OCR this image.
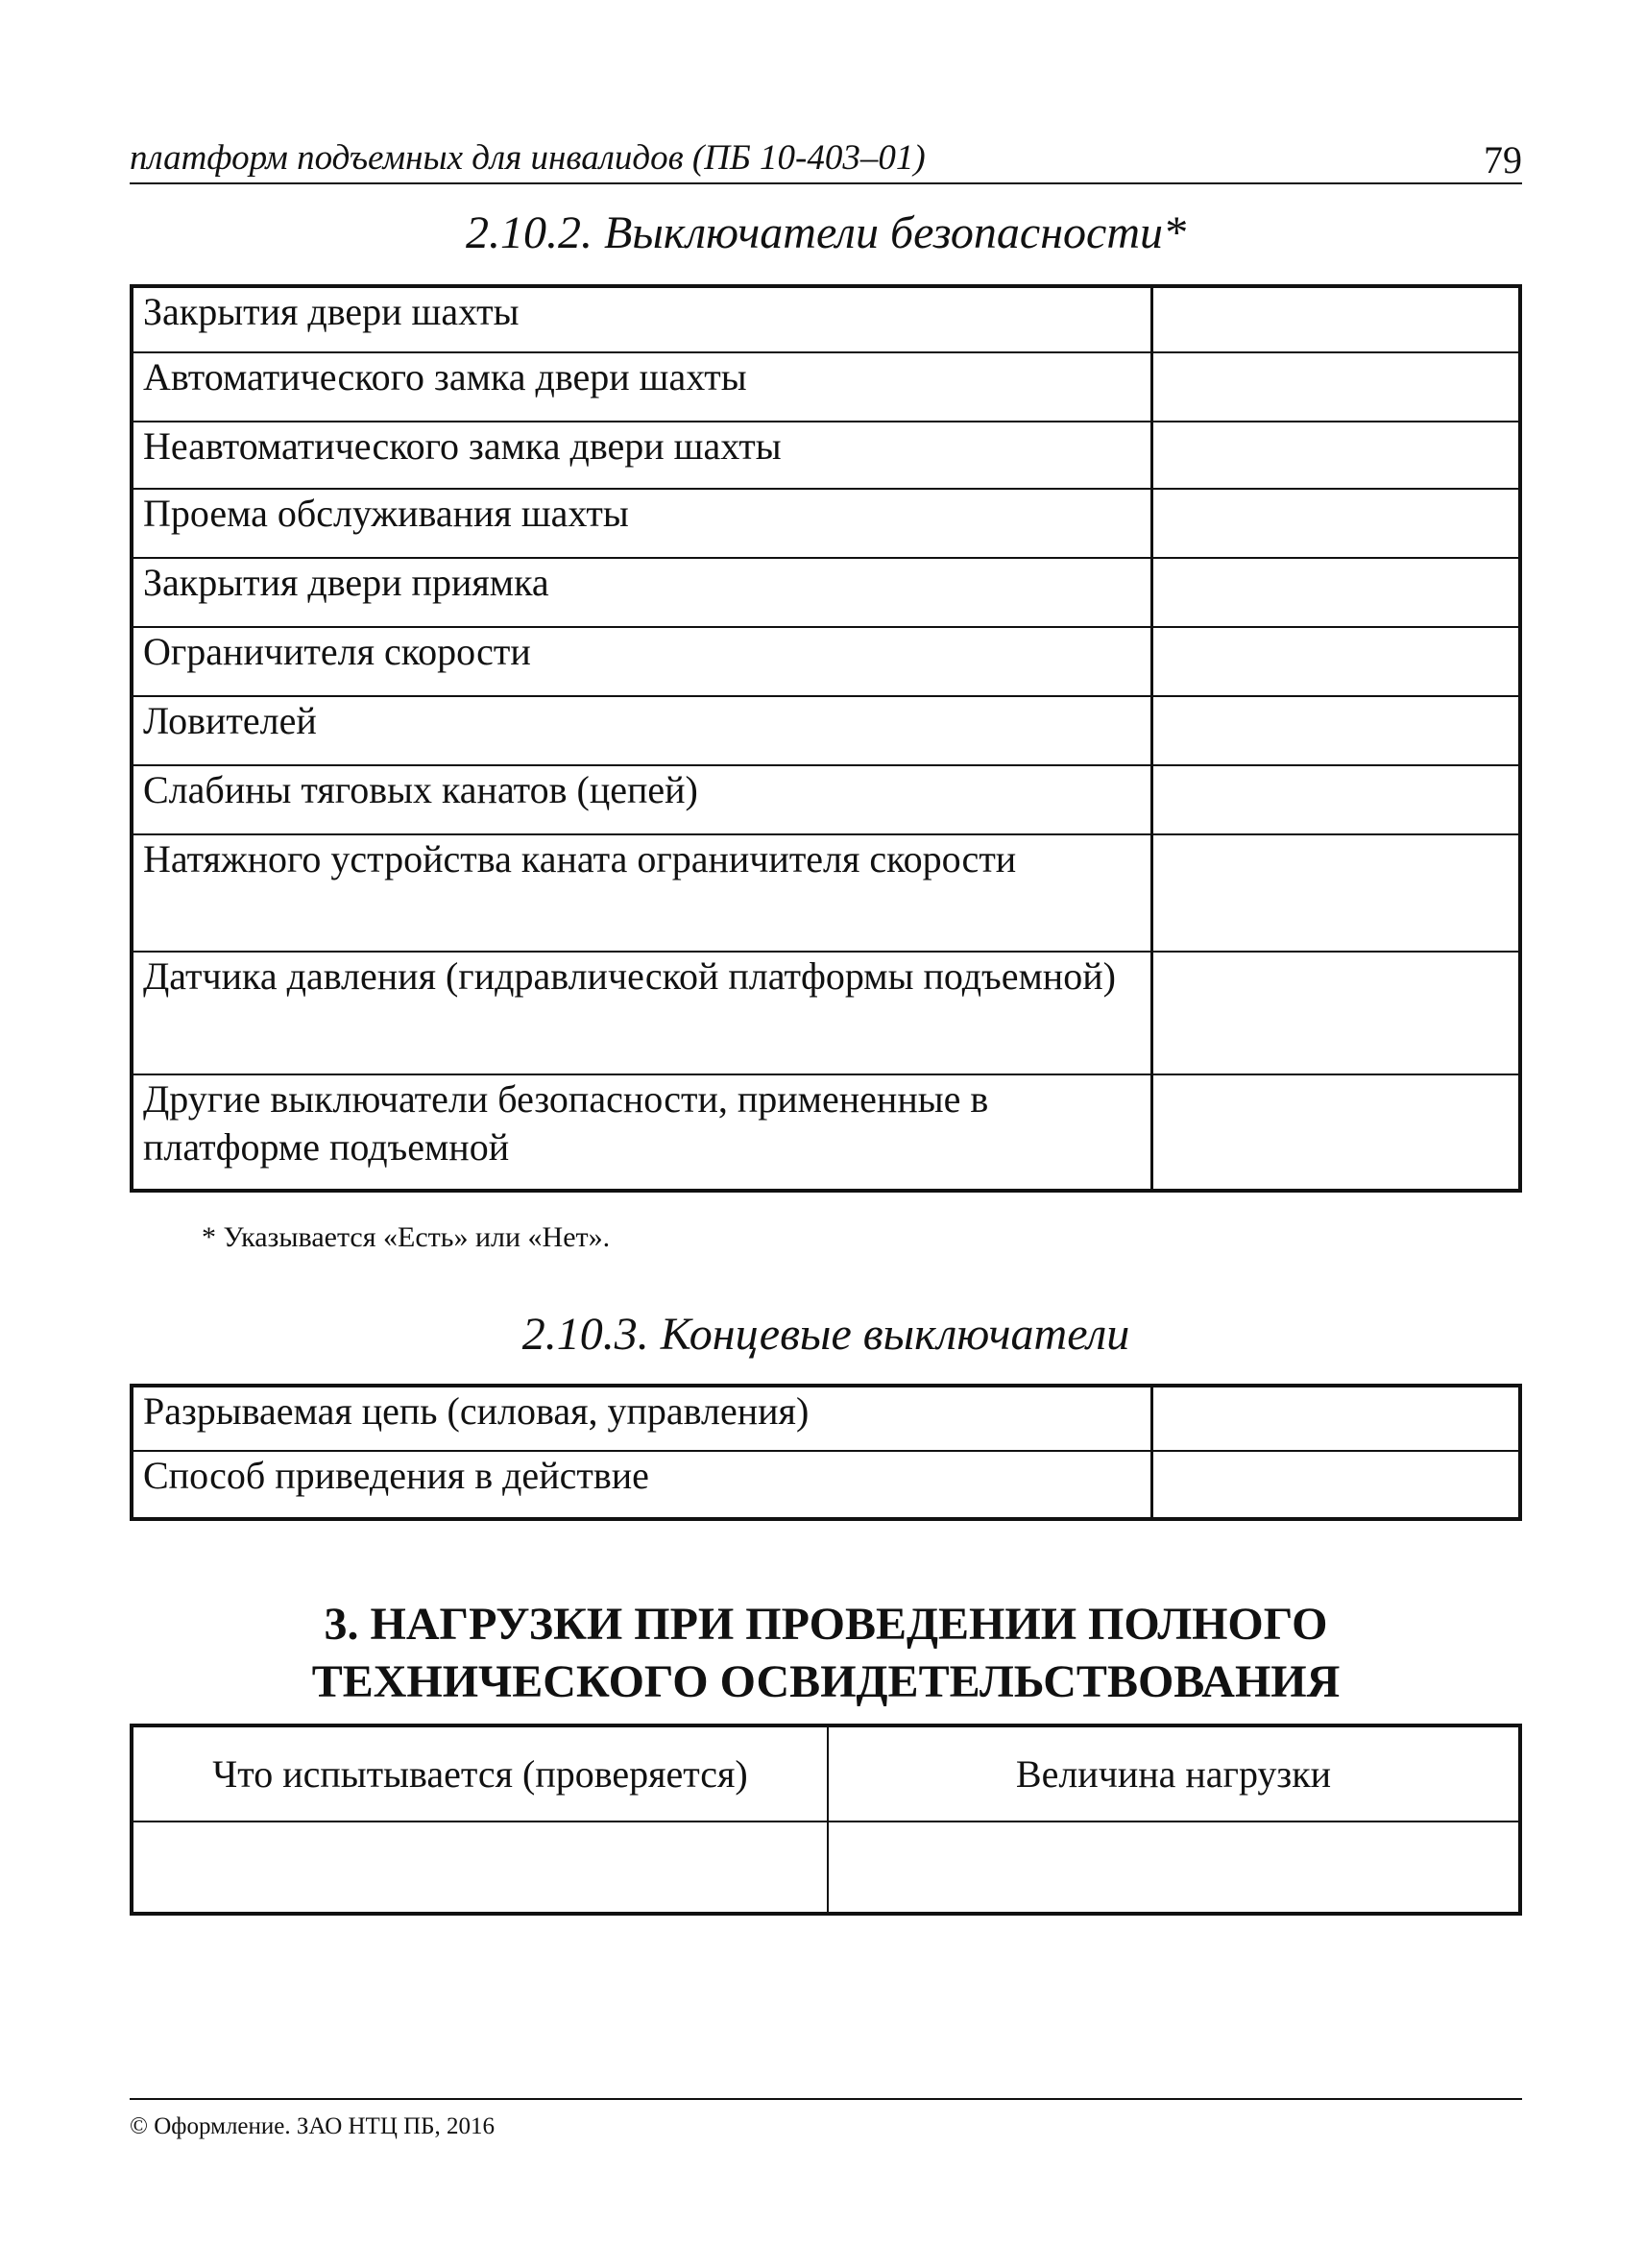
платформ подъемных для инвалидов (ПБ 10-403–01)	79
2.10.2. Выключатели безопасности*
Закрытия двери шахты	
Автоматического замка двери шахты	
Неавтоматического замка двери шахты	
Проема обслуживания шахты	
Закрытия двери приямка	
Ограничителя скорости	
Ловителей	
Слабины тяговых канатов (цепей)	
Натяжного устройства каната ограничителя скорости	
Датчика давления (гидравлической платформы подъемной)	
Другие выключатели безопасности, примененные в платформе подъемной	
* Указывается «Есть» или «Нет».
2.10.3. Концевые выключатели
Разрываемая цепь (силовая, управления)	
Способ приведения в действие	
3. НАГРУЗКИ ПРИ ПРОВЕДЕНИИ ПОЛНОГО
ТЕХНИЧЕСКОГО ОСВИДЕТЕЛЬСТВОВАНИЯ
Что испытывается (проверяется)	Величина нагрузки

© Оформление. ЗАО НТЦ ПБ, 2016
